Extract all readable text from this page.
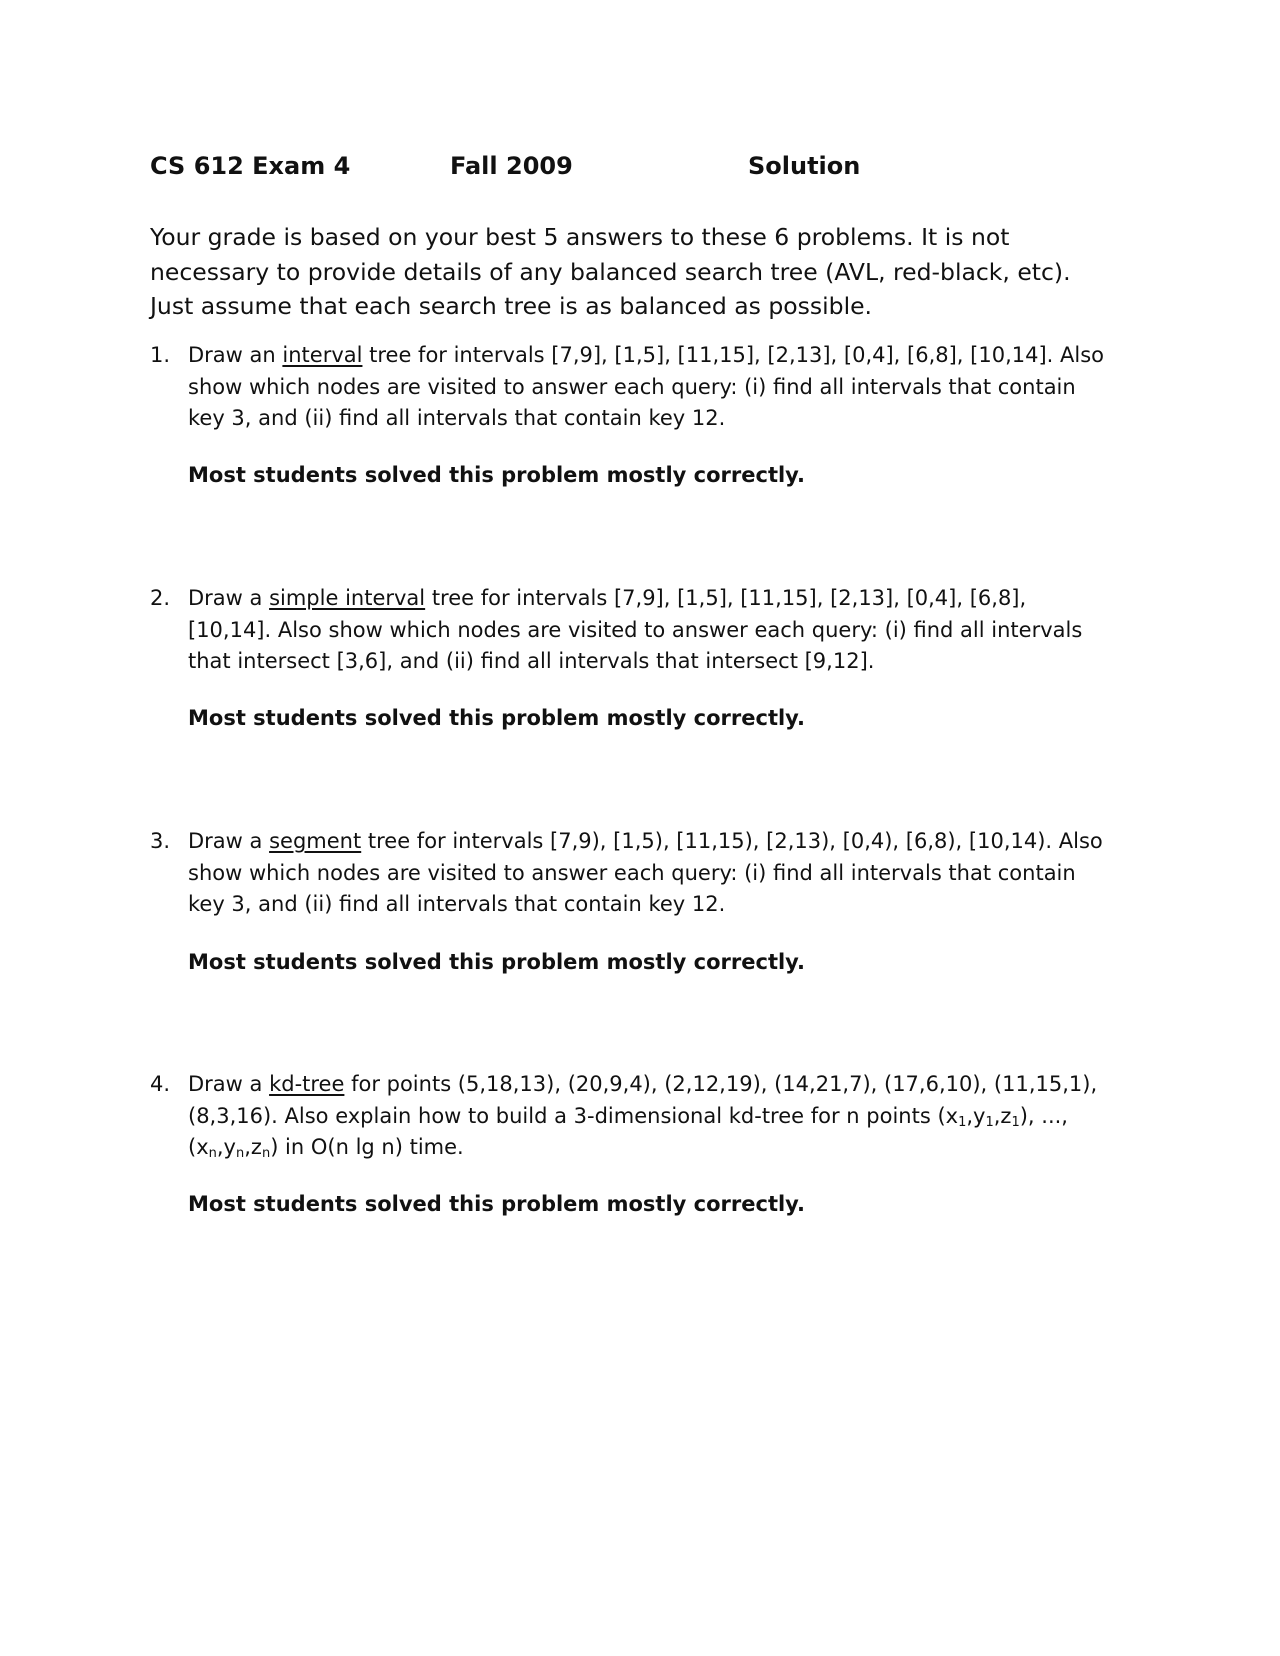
CS 612 Exam 4	Fall 2009	Solution
Your grade is based on your best 5 answers to these 6 problems. It is not
necessary to provide details of any balanced search tree (AVL, red-black, etc).
Just assume that each search tree is as balanced as possible.
1. Draw an interval tree for intervals [7,9], [1,5], [11,15], [2,13], [0,4], [6,8], [10,14]. Also show which nodes are visited to answer each query: (i) find all intervals that contain key 3, and (ii) find all intervals that contain key 12.
Most students solved this problem mostly correctly.
2. Draw a simple interval tree for intervals [7,9], [1,5], [11,15], [2,13], [0,4], [6,8], [10,14]. Also show which nodes are visited to answer each query: (i) find all intervals that intersect [3,6], and (ii) find all intervals that intersect [9,12].
Most students solved this problem mostly correctly.
3. Draw a segment tree for intervals [7,9), [1,5), [11,15), [2,13), [0,4), [6,8), [10,14). Also show which nodes are visited to answer each query: (i) find all intervals that contain key 3, and (ii) find all intervals that contain key 12.
Most students solved this problem mostly correctly.
4. Draw a kd-tree for points (5,18,13), (20,9,4), (2,12,19), (14,21,7), (17,6,10), (11,15,1), (8,3,16). Also explain how to build a 3-dimensional kd-tree for n points $(x_1,y_1,z_1)$, ..., $(x_n,y_n,z_n)$ in O(n lg n) time.
Most students solved this problem mostly correctly.
